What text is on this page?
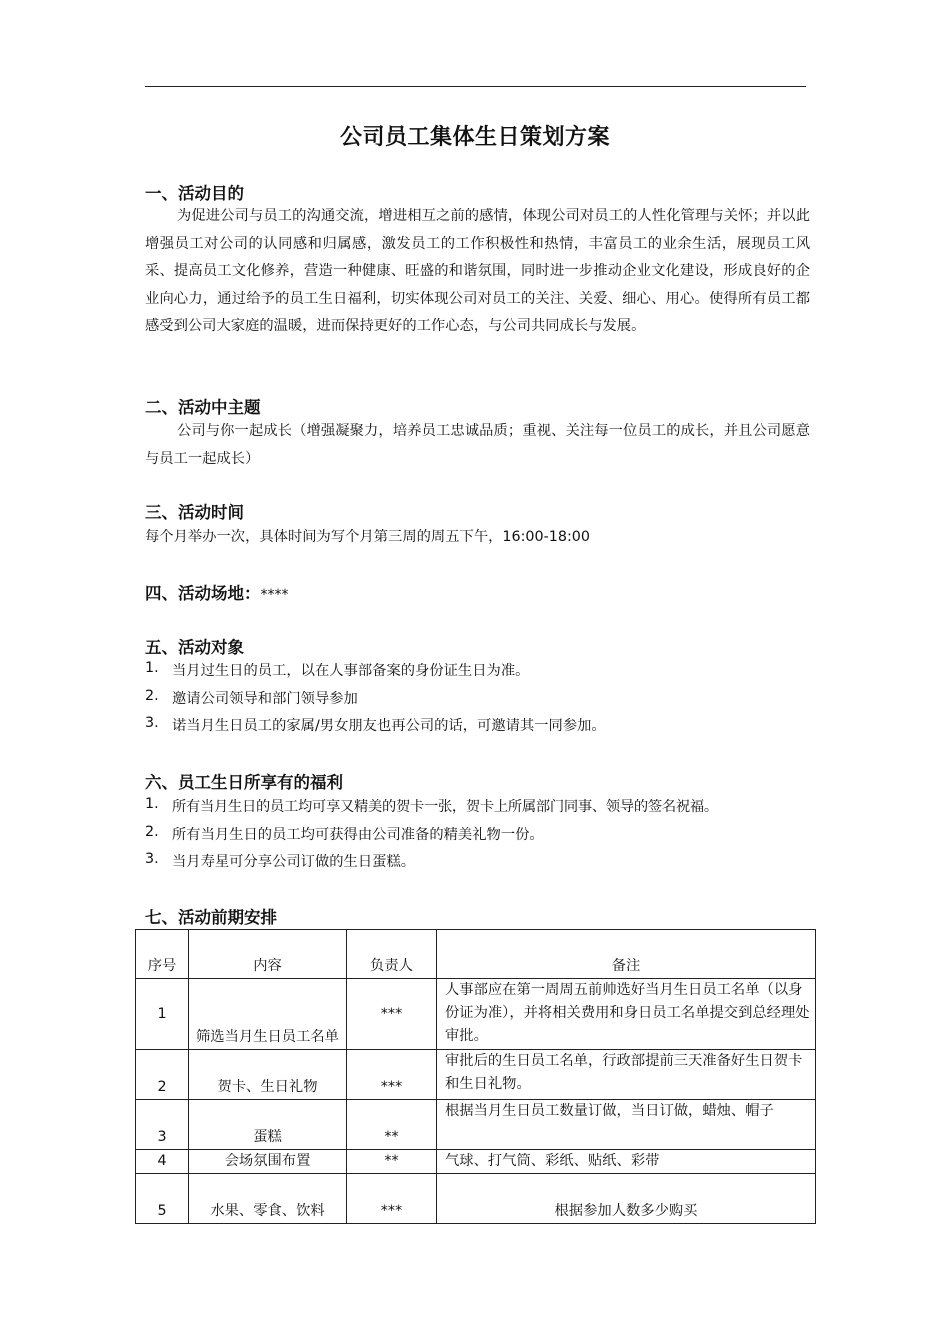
公司员工集体生日策划方案
一、活动目的

为促进公司与员工的沟通交流，增进相互之前的感情，体现公司对员工的人性化管理与关怀；并以此增强员工对公司的认同感和归属感，激发员工的工作积极性和热情，丰富员工的业余生活，展现员工风采、提高员工文化修养，营造一种健康、旺盛的和谐氛围，同时进一步推动企业文化建设，形成良好的企业向心力，通过给予的员工生日福利，切实体现公司对员工的关注、关爱、细心、用心。使得所有员工都感受到公司大家庭的温暖，进而保持更好的工作心态，与公司共同成长与发展。

二、活动中主题

公司与你一起成长（增强凝聚力，培养员工忠诚品质；重视、关注每一位员工的成长，并且公司愿意与员工一起成长）

三、活动时间
每个月举办一次，具体时间为写个月第三周的周五下午，16:00-18:00
四、活动场地：****
五、活动对象
1. 当月过生日的员工，以在人事部备案的身份证生日为准。
2. 邀请公司领导和部门领导参加
3. 诺当月生日员工的家属/男女朋友也再公司的话，可邀请其一同参加。
六、员工生日所享有的福利
1. 所有当月生日的员工均可享又精美的贺卡一张，贺卡上所属部门同事、领导的签名祝福。
2. 所有当月生日的员工均可获得由公司准备的精美礼物一份。
3. 当月寿星可分享公司订做的生日蛋糕。
七、活动前期安排
序号	内容	负责人	备注
1	筛选当月生日员工名单	***	人事部应在第一周周五前帅选好当月生日员工名单（以身份证为准），并将相关费用和身日员工名单提交到总经理处审批。
2	贺卡、生日礼物	***	审批后的生日员工名单，行政部提前三天准备好生日贺卡和生日礼物。
3	蛋糕	**	根据当月生日员工数量订做，当日订做，蜡烛、帽子
4	会场氛围布置	**	气球、打气筒、彩纸、贴纸、彩带
5	水果、零食、饮料	***	根据参加人数多少购买
